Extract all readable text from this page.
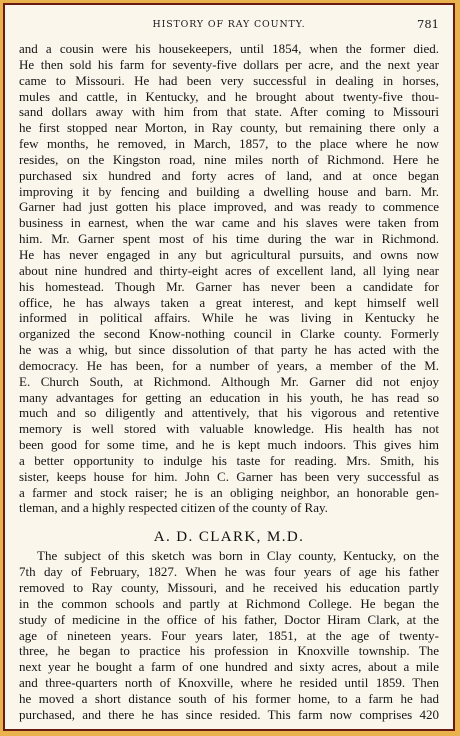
HISTORY OF RAY COUNTY.	781
and a cousin were his housekeepers, until 1854, when the former died.
He then sold his farm for seventy-five dollars per acre, and the next year
came to Missouri. He had been very successful in dealing in horses,
mules and cattle, in Kentucky, and he brought about twenty-five thou-
sand dollars away with him from that state. After coming to Missouri
he first stopped near Morton, in Ray county, but remaining there only a
few months, he removed, in March, 1857, to the place where he now
resides, on the Kingston road, nine miles north of Richmond. Here he
purchased six hundred and forty acres of land, and at once began
improving it by fencing and building a dwelling house and barn. Mr.
Garner had just gotten his place improved, and was ready to commence
business in earnest, when the war came and his slaves were taken from
him. Mr. Garner spent most of his time during the war in Richmond.
He has never engaged in any but agricultural pursuits, and owns now
about nine hundred and thirty-eight acres of excellent land, all lying near
his homestead. Though Mr. Garner has never been a candidate for
office, he has always taken a great interest, and kept himself well
informed in political affairs. While he was living in Kentucky he
organized the second Know-nothing council in Clarke county. Formerly
he was a whig, but since dissolution of that party he has acted with the
democracy. He has been, for a number of years, a member of the M.
E. Church South, at Richmond. Although Mr. Garner did not enjoy
many advantages for getting an education in his youth, he has read so
much and so diligently and attentively, that his vigorous and retentive
memory is well stored with valuable knowledge. His health has not
been good for some time, and he is kept much indoors. This gives him
a better opportunity to indulge his taste for reading. Mrs. Smith, his
sister, keeps house for him. John C. Garner has been very successful as
a farmer and stock raiser; he is an obliging neighbor, an honorable gen-
tleman, and a highly respected citizen of the county of Ray.
A. D. CLARK, M.D.
The subject of this sketch was born in Clay county, Kentucky, on the
7th day of February, 1827. When he was four years of age his father
removed to Ray county, Missouri, and he received his education partly
in the common schools and partly at Richmond College. He began the
study of medicine in the office of his father, Doctor Hiram Clark, at the
age of nineteen years. Four years later, 1851, at the age of twenty-
three, he began to practice his profession in Knoxville township. The
next year he bought a farm of one hundred and sixty acres, about a mile
and three-quarters north of Knoxville, where he resided until 1859. Then
he moved a short distance south of his former home, to a farm he had
purchased, and there he has since resided. This farm now comprises 420
